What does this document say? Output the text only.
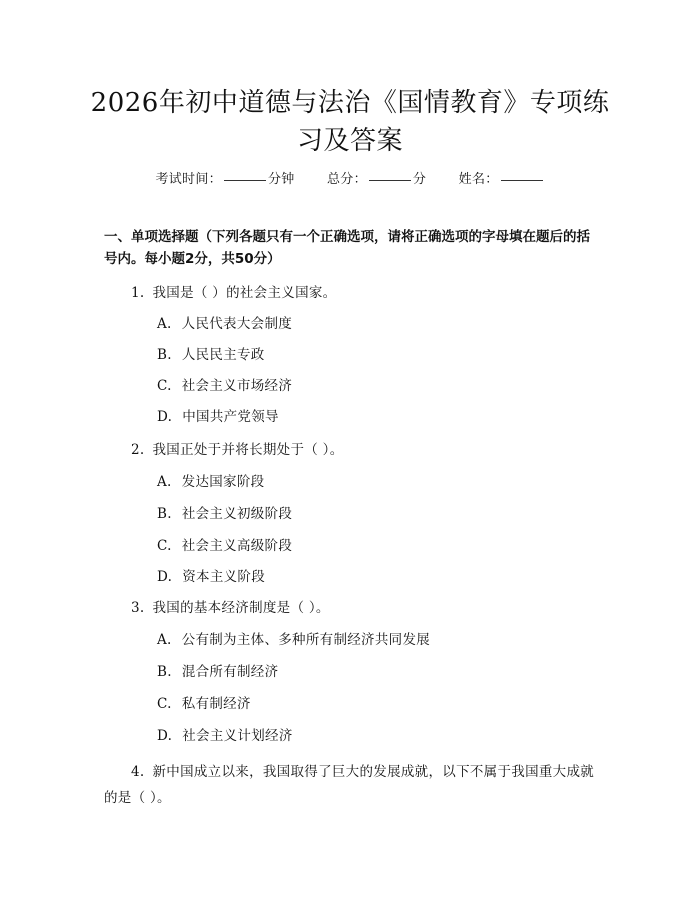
2026年初中道德与法治《国情教育》专项练习及答案
考试时间：	分钟 总分：	分 姓名：
一、单项选择题（下列各题只有一个正确选项，请将正确选项的字母填在题后的括号内。每小题2分，共50分）
1. 我国是（ ）的社会主义国家。
A. 人民代表大会制度
B. 人民民主专政
C. 社会主义市场经济
D. 中国共产党领导
2. 我国正处于并将长期处于（ ）。
A. 发达国家阶段
B. 社会主义初级阶段
C. 社会主义高级阶段
D. 资本主义阶段
3. 我国的基本经济制度是（ ）。
A. 公有制为主体、多种所有制经济共同发展
B. 混合所有制经济
C. 私有制经济
D. 社会主义计划经济
4. 新中国成立以来，我国取得了巨大的发展成就，以下不属于我国重大成就的是（ ）。
